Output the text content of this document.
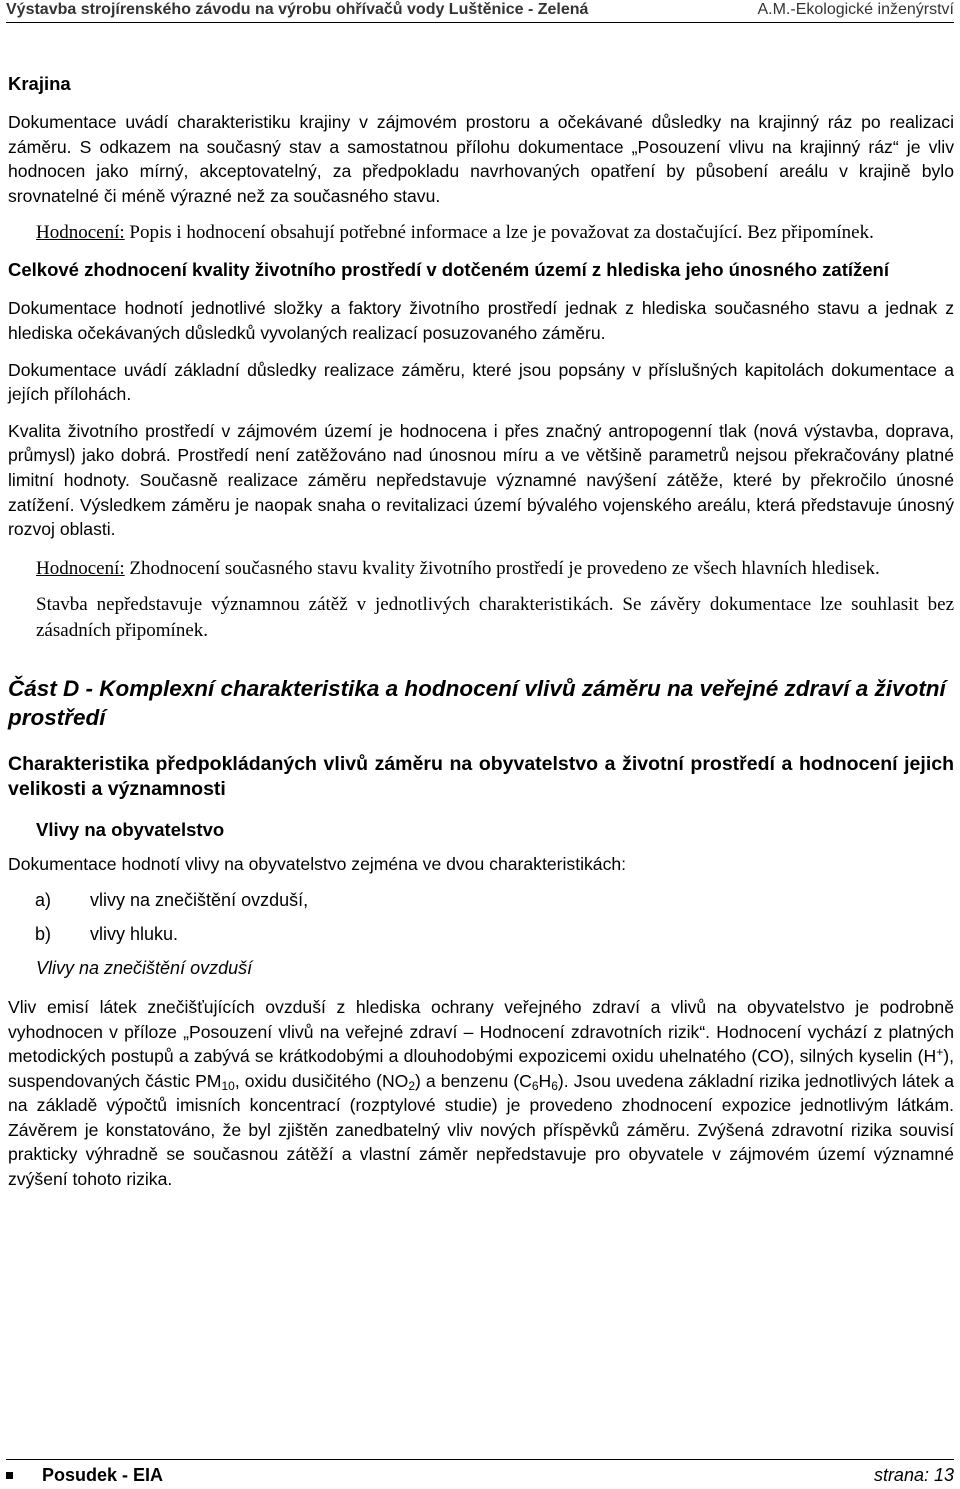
Výstavba strojírenského závodu na výrobu ohřívačů vody Luštěnice - Zelená	A.M.-Ekologické inženýrství

Krajina

Dokumentace uvádí charakteristiku krajiny v zájmovém prostoru a očekávané důsledky na krajinný ráz po realizaci záměru. S odkazem na současný stav a samostatnou přílohu dokumentace „Posouzení vlivu na krajinný ráz“ je vliv hodnocen jako mírný, akceptovatelný, za předpokladu navrhovaných opatření by působení areálu v krajině bylo srovnatelné či méně výrazné než za současného stavu.

Hodnocení: Popis i hodnocení obsahují potřebné informace a lze je považovat za dostačující. Bez připomínek.

Celkové zhodnocení kvality životního prostředí v dotčeném území z hlediska jeho únosného zatížení

Dokumentace hodnotí jednotlivé složky a faktory životního prostředí jednak z hlediska současného stavu a jednak z hlediska očekávaných důsledků vyvolaných realizací posuzovaného záměru.

Dokumentace uvádí základní důsledky realizace záměru, které jsou popsány v příslušných kapitolách dokumentace a jejích přílohách.

Kvalita životního prostředí v zájmovém území je hodnocena i přes značný antropogenní tlak (nová výstavba, doprava, průmysl) jako dobrá. Prostředí není zatěžováno nad únosnou míru a ve většině parametrů nejsou překračovány platné limitní hodnoty. Současně realizace záměru nepředstavuje významné navýšení zátěže, které by překročilo únosné zatížení. Výsledkem záměru je naopak snaha o revitalizaci území bývalého vojenského areálu, která představuje únosný rozvoj oblasti.

Hodnocení: Zhodnocení současného stavu kvality životního prostředí je provedeno ze všech hlavních hledisek.

Stavba nepředstavuje významnou zátěž v jednotlivých charakteristikách. Se závěry dokumentace lze souhlasit bez zásadních připomínek.

Část D - Komplexní charakteristika a hodnocení vlivů záměru na veřejné zdraví a životní prostředí

Charakteristika předpokládaných vlivů záměru na obyvatelstvo a životní prostředí a hodnocení jejich velikosti a významnosti

Vlivy na obyvatelstvo

Dokumentace hodnotí vlivy na obyvatelstvo zejména ve dvou charakteristikách:

a)	vlivy na znečištění ovzduší,
b)	vlivy hluku.

Vlivy na znečištění ovzduší

Vliv emisí látek znečišťujících ovzduší z hlediska ochrany veřejného zdraví a vlivů na obyvatelstvo je podrobně vyhodnocen v příloze „Posouzení vlivů na veřejné zdraví – Hodnocení zdravotních rizik“. Hodnocení vychází z platných metodických postupů a zabývá se krátkodobými a dlouhodobými expozicemi oxidu uhelnatého (CO), silných kyselin (H+), suspendovaných částic $PM_{10}$, oxidu dusičitého $(NO_2)$ a benzenu $(C_6H_6)$. Jsou uvedena základní rizika jednotlivých látek a na základě výpočtů imisních koncentrací (rozptylové studie) je provedeno zhodnocení expozice jednotlivým látkám. Závěrem je konstatováno, že byl zjištěn zanedbatelný vliv nových příspěvků záměru. Zvýšená zdravotní rizika souvisí prakticky výhradně se současnou zátěží a vlastní záměr nepředstavuje pro obyvatele v zájmovém území významné zvýšení tohoto rizika.

Posudek - EIA	strana: 13
